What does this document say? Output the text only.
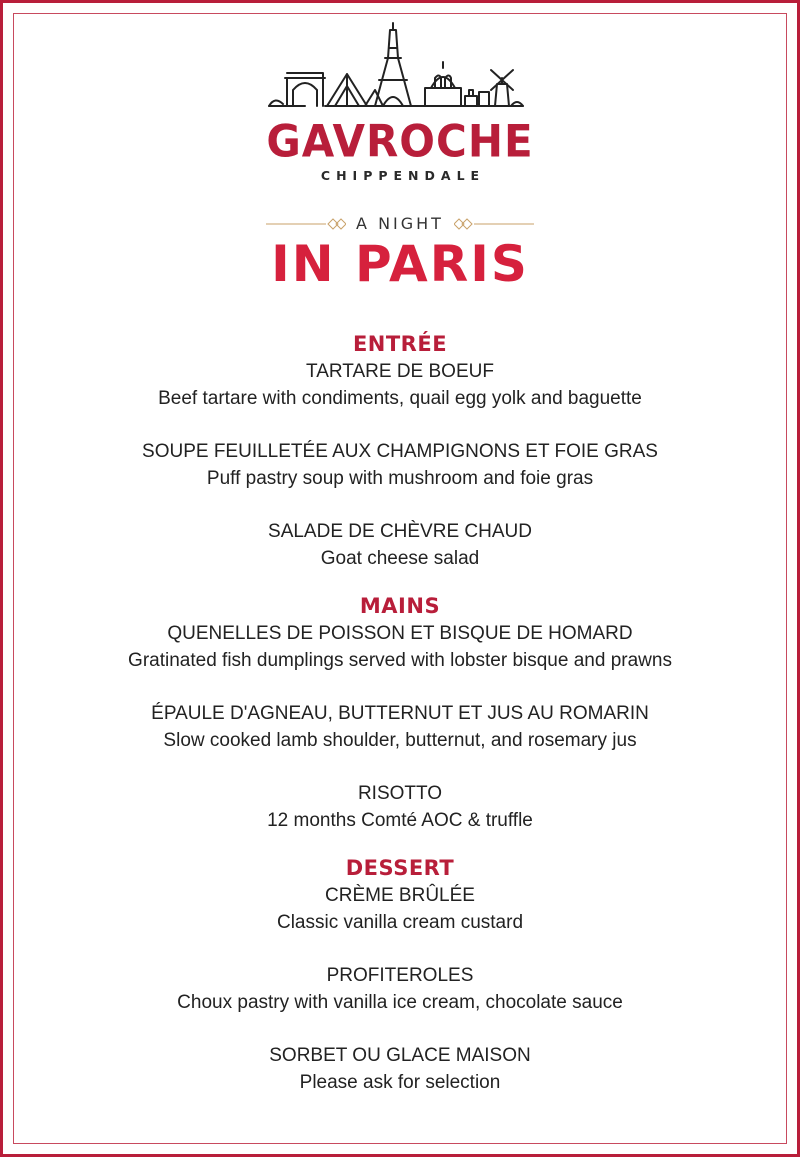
GAVROCHE
CHIPPENDALE
A NIGHT
IN PARIS
ENTRÉE
TARTARE DE BOEUF
Beef tartare with condiments, quail egg yolk and baguette
SOUPE FEUILLETÉE AUX CHAMPIGNONS ET FOIE GRAS
Puff pastry soup with mushroom and foie gras
SALADE DE CHÈVRE CHAUD
Goat cheese salad
MAINS
QUENELLES DE POISSON ET BISQUE DE HOMARD
Gratinated fish dumplings served with lobster bisque and prawns
ÉPAULE D'AGNEAU, BUTTERNUT ET JUS AU ROMARIN
Slow cooked lamb shoulder, butternut, and rosemary jus
RISOTTO
12 months Comté AOC & truffle
DESSERT
CRÈME BRÛLÉE
Classic vanilla cream custard
PROFITEROLES
Choux pastry with vanilla ice cream, chocolate sauce
SORBET OU GLACE MAISON
Please ask for selection
